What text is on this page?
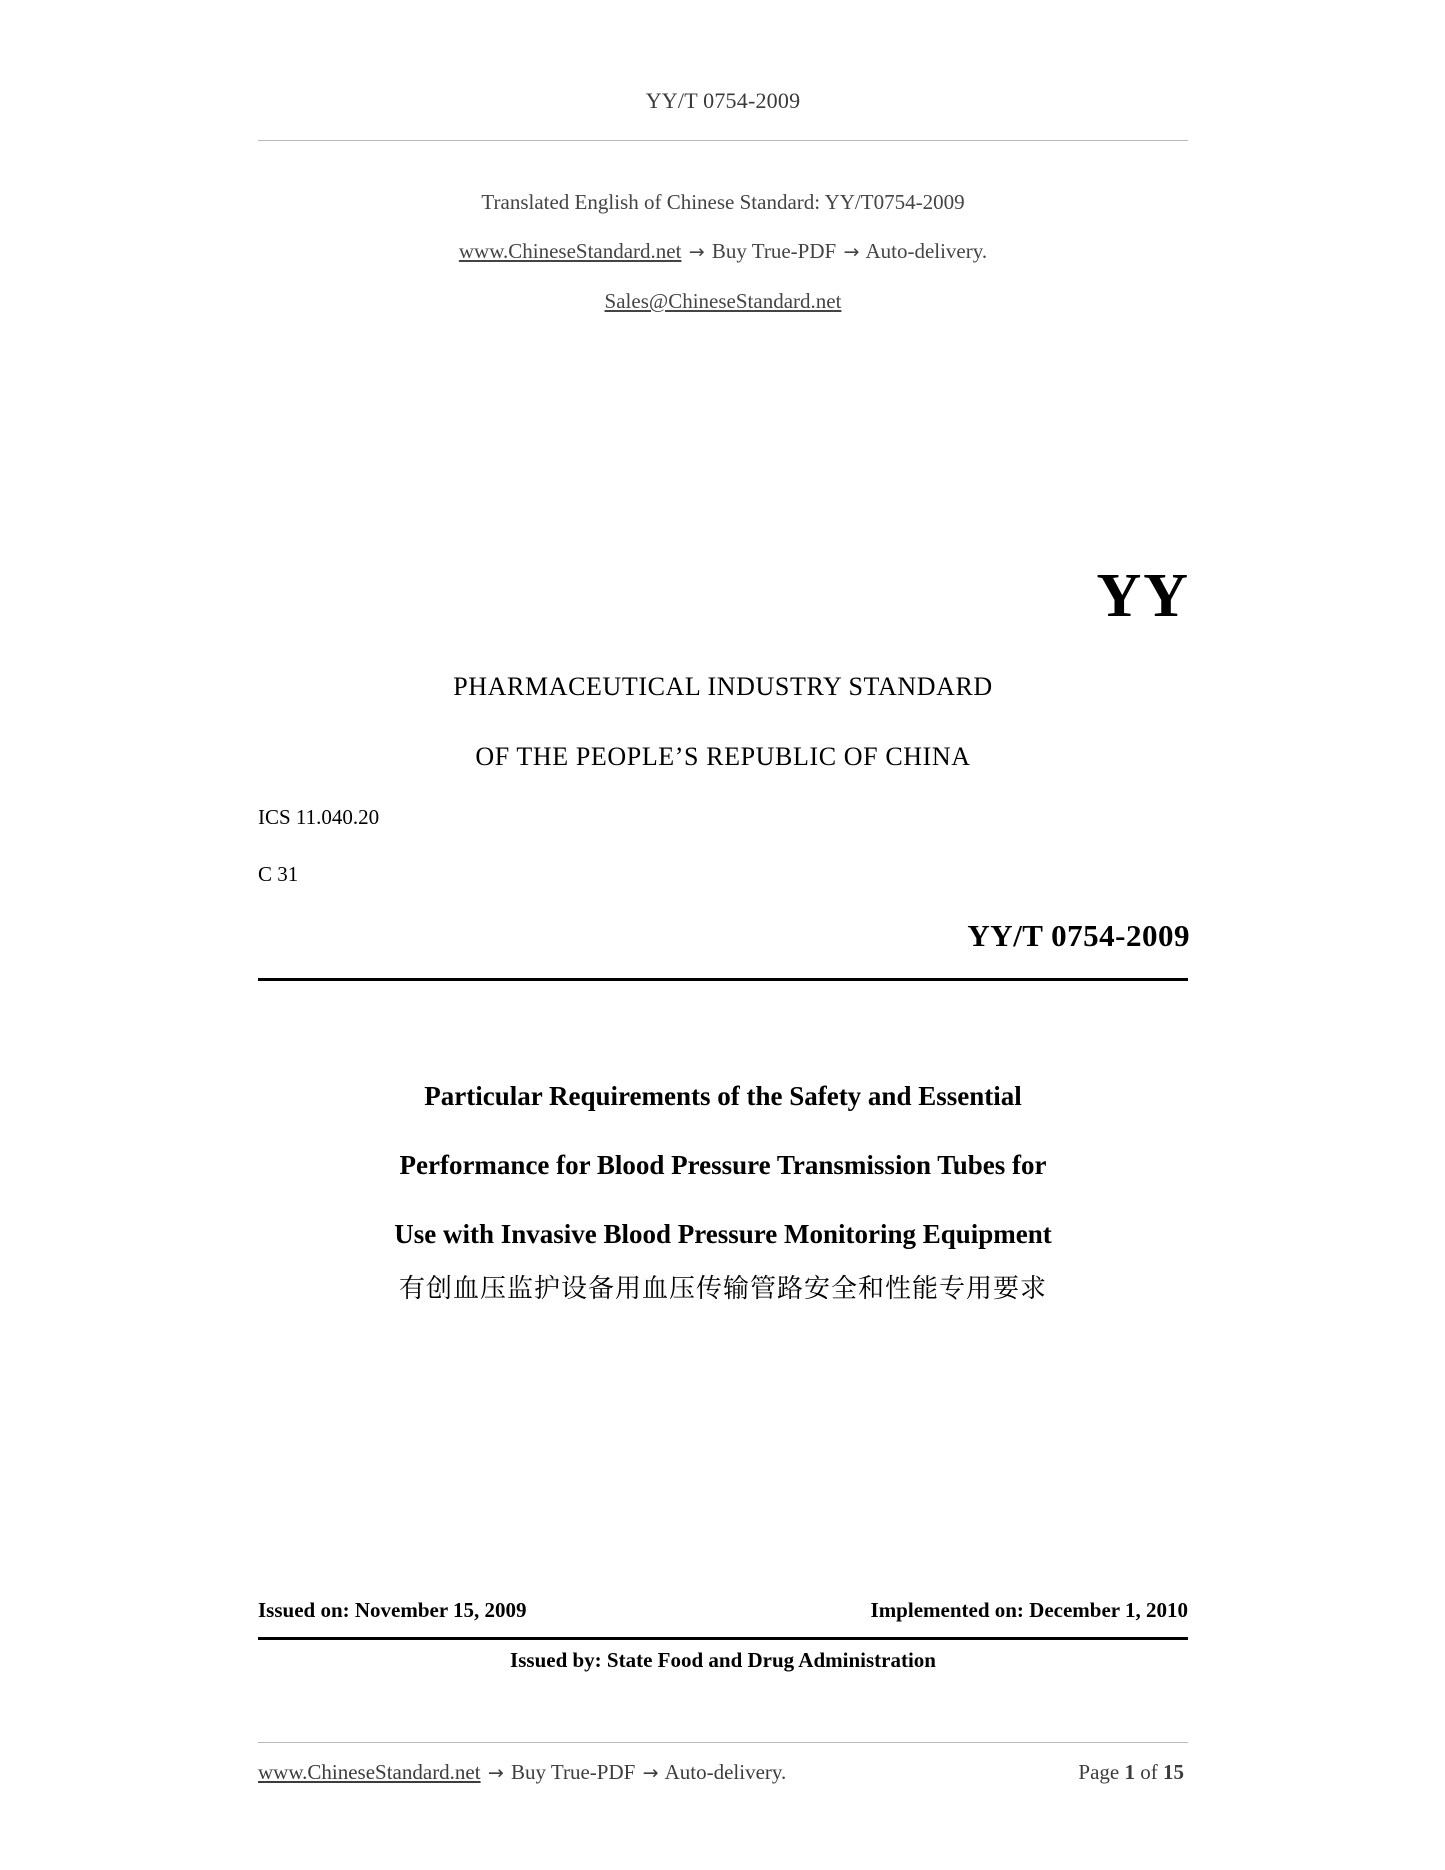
YY/T 0754-2009
Translated English of Chinese Standard: YY/T0754-2009
www.ChineseStandard.net → Buy True-PDF → Auto-delivery.
Sales@ChineseStandard.net
YY
PHARMACEUTICAL INDUSTRY STANDARD
OF THE PEOPLE’S REPUBLIC OF CHINA
ICS 11.040.20
C 31
YY/T 0754-2009
Particular Requirements of the Safety and Essential
Performance for Blood Pressure Transmission Tubes for
Use with Invasive Blood Pressure Monitoring Equipment
有创血压监护设备用血压传输管路安全和性能专用要求
Issued on: November 15, 2009	Implemented on: December 1, 2010
Issued by: State Food and Drug Administration
www.ChineseStandard.net → Buy True-PDF → Auto-delivery.	Page 1 of 15
